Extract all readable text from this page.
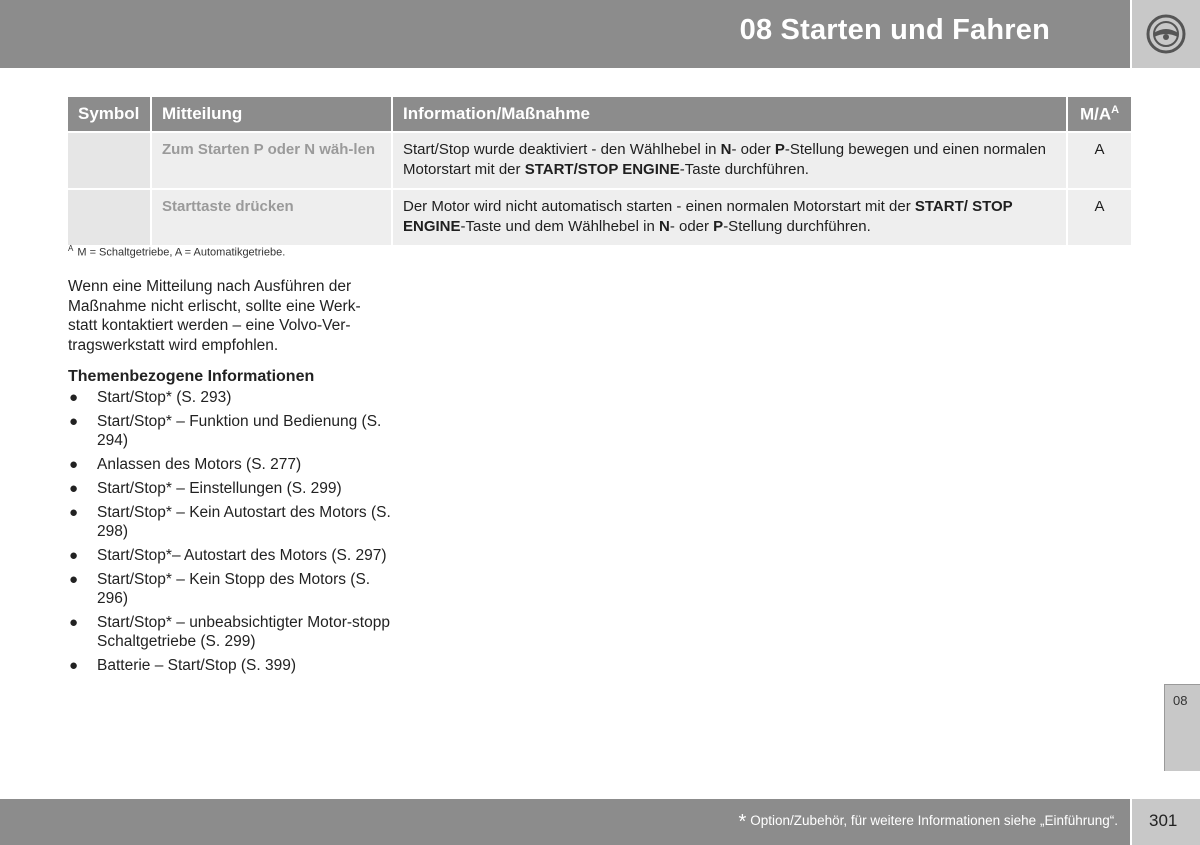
08 Starten und Fahren
Symbol	Mitteilung	Information/Maßnahme	$M/A^A$
	Zum Starten P oder N wäh-len	Start/Stop wurde deaktiviert - den Wählhebel in N- oder P-Stellung bewegen und einen normalen Motorstart mit der START/STOP ENGINE-Taste durchführen.	A
	Starttaste drücken	Der Motor wird nicht automatisch starten - einen normalen Motorstart mit der START/ STOP ENGINE-Taste und dem Wählhebel in N- oder P-Stellung durchführen.	A
$^A$ M = Schaltgetriebe, A = Automatikgetriebe.
Wenn eine Mitteilung nach Ausführen der Maßnahme nicht erlischt, sollte eine Werk-statt kontaktiert werden – eine Volvo-Ver-tragswerkstatt wird empfohlen.
Themenbezogene Informationen
● Start/Stop* (S. 293)
● Start/Stop* – Funktion und Bedienung (S. 294)
● Anlassen des Motors (S. 277)
● Start/Stop* – Einstellungen (S. 299)
● Start/Stop* – Kein Autostart des Motors (S. 298)
● Start/Stop*– Autostart des Motors (S. 297)
● Start/Stop* – Kein Stopp des Motors (S. 296)
● Start/Stop* – unbeabsichtigter Motor-stopp Schaltgetriebe (S. 299)
● Batterie – Start/Stop (S. 399)
08
* Option/Zubehör, für weitere Informationen siehe „Einführung“. 301
